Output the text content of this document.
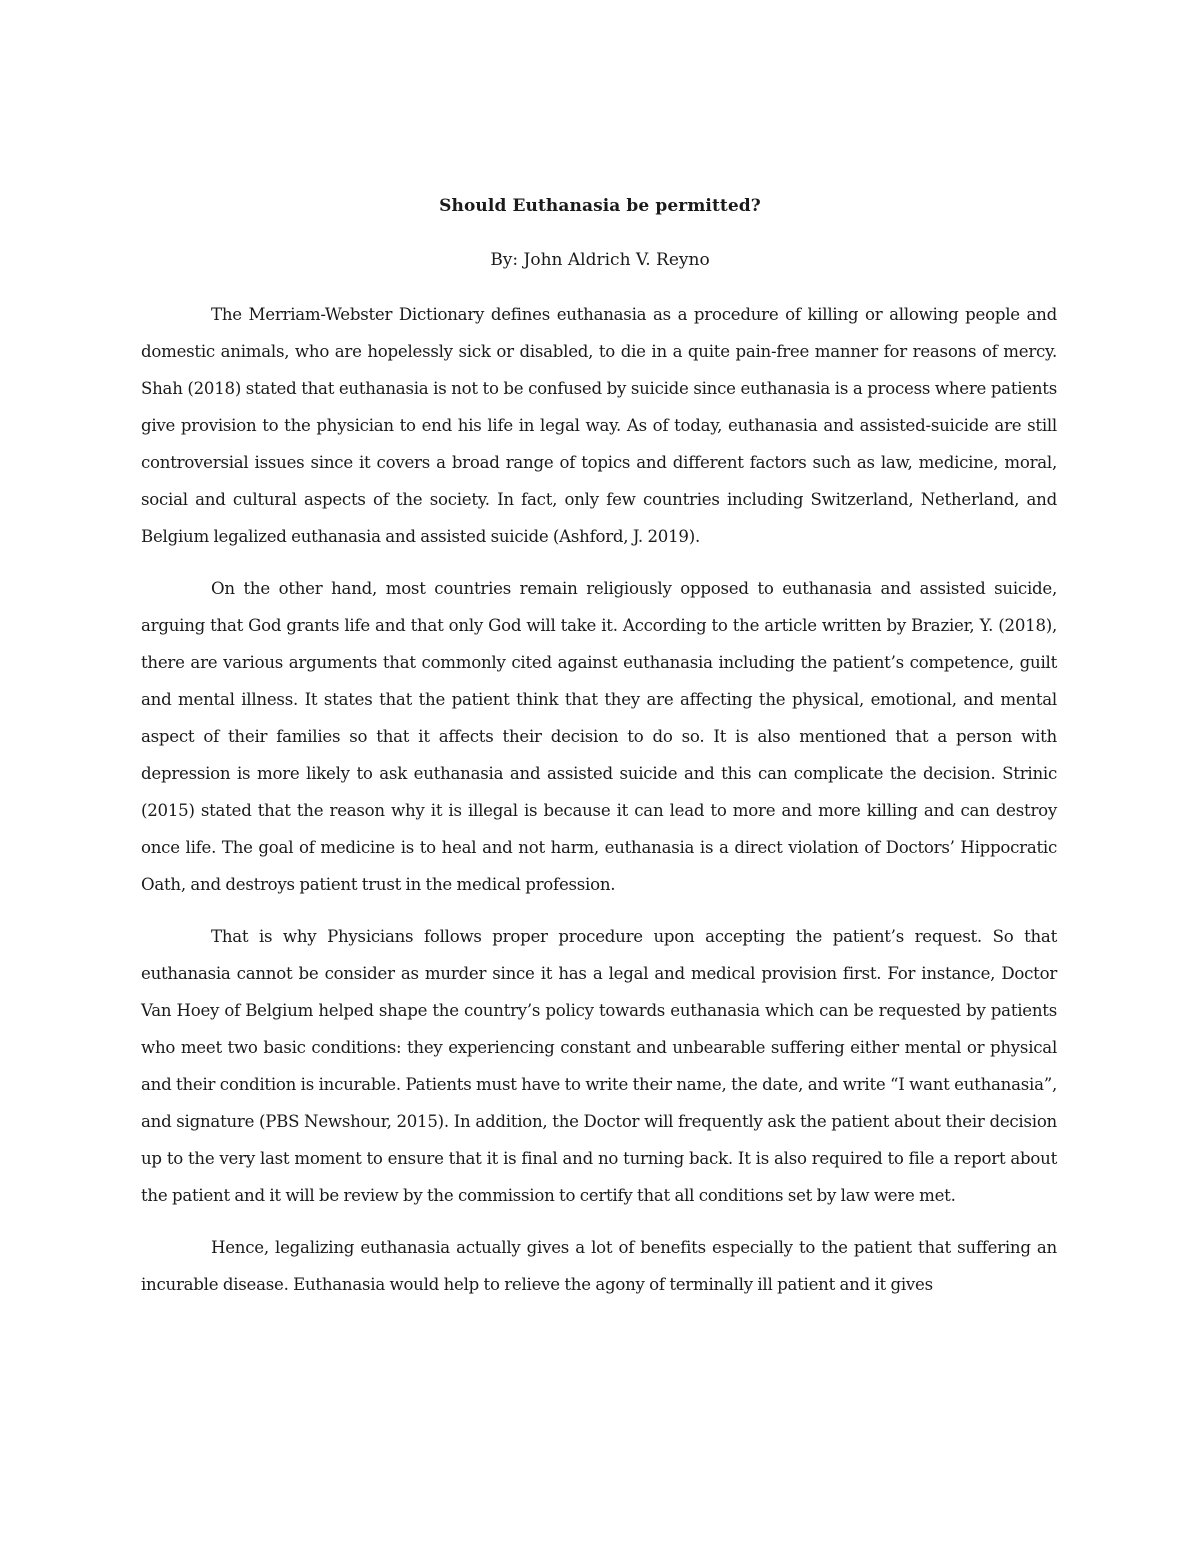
Should Euthanasia be permitted?

By: John Aldrich V. Reyno

The Merriam-Webster Dictionary defines euthanasia as a procedure of killing or allowing people and domestic animals, who are hopelessly sick or disabled, to die in a quite pain-free manner for reasons of mercy. Shah (2018) stated that euthanasia is not to be confused by suicide since euthanasia is a process where patients give provision to the physician to end his life in legal way. As of today, euthanasia and assisted-suicide are still controversial issues since it covers a broad range of topics and different factors such as law, medicine, moral, social and cultural aspects of the society. In fact, only few countries including Switzerland, Netherland, and Belgium legalized euthanasia and assisted suicide (Ashford, J. 2019).

On the other hand, most countries remain religiously opposed to euthanasia and assisted suicide, arguing that God grants life and that only God will take it. According to the article written by Brazier, Y. (2018), there are various arguments that commonly cited against euthanasia including the patient’s competence, guilt and mental illness. It states that the patient think that they are affecting the physical, emotional, and mental aspect of their families so that it affects their decision to do so. It is also mentioned that a person with depression is more likely to ask euthanasia and assisted suicide and this can complicate the decision. Strinic (2015) stated that the reason why it is illegal is because it can lead to more and more killing and can destroy once life. The goal of medicine is to heal and not harm, euthanasia is a direct violation of Doctors’ Hippocratic Oath, and destroys patient trust in the medical profession.

That is why Physicians follows proper procedure upon accepting the patient’s request. So that euthanasia cannot be consider as murder since it has a legal and medical provision first. For instance, Doctor Van Hoey of Belgium helped shape the country’s policy towards euthanasia which can be requested by patients who meet two basic conditions: they experiencing constant and unbearable suffering either mental or physical and their condition is incurable. Patients must have to write their name, the date, and write “I want euthanasia”, and signature (PBS Newshour, 2015). In addition, the Doctor will frequently ask the patient about their decision up to the very last moment to ensure that it is final and no turning back. It is also required to file a report about the patient and it will be review by the commission to certify that all conditions set by law were met.

Hence, legalizing euthanasia actually gives a lot of benefits especially to the patient that suffering an incurable disease. Euthanasia would help to relieve the agony of terminally ill patient and it gives
